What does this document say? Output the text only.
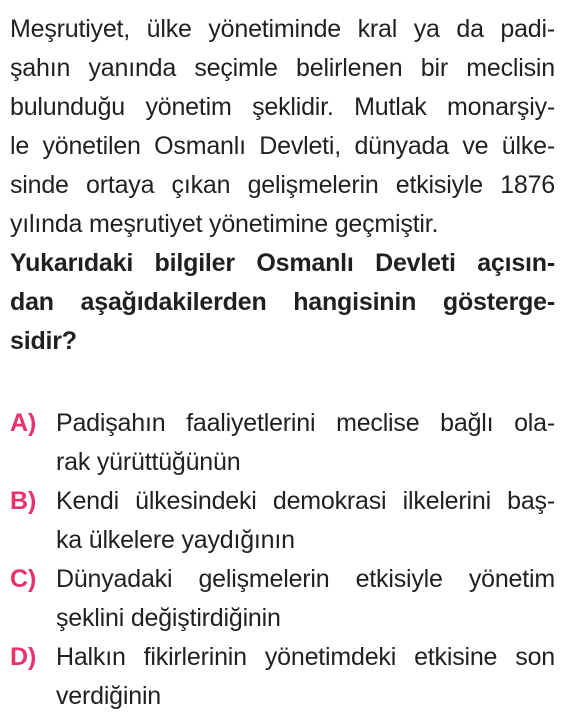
Meşrutiyet, ülke yönetiminde kral ya da padi-
şahın yanında seçimle belirlenen bir meclisin
bulunduğu yönetim şeklidir. Mutlak monarşiy-
le yönetilen Osmanlı Devleti, dünyada ve ülke-
sinde ortaya çıkan gelişmelerin etkisiyle 1876
yılında meşrutiyet yönetimine geçmiştir.
Yukarıdaki bilgiler Osmanlı Devleti açısın-
dan aşağıdakilerden hangisinin gösterge-
sidir?
A) Padişahın faaliyetlerini meclise bağlı ola-
rak yürüttüğünün
B) Kendi ülkesindeki demokrasi ilkelerini baş-
ka ülkelere yaydığının
C) Dünyadaki gelişmelerin etkisiyle yönetim
şeklini değiştirdiğinin
D) Halkın fikirlerinin yönetimdeki etkisine son
verdiğinin
